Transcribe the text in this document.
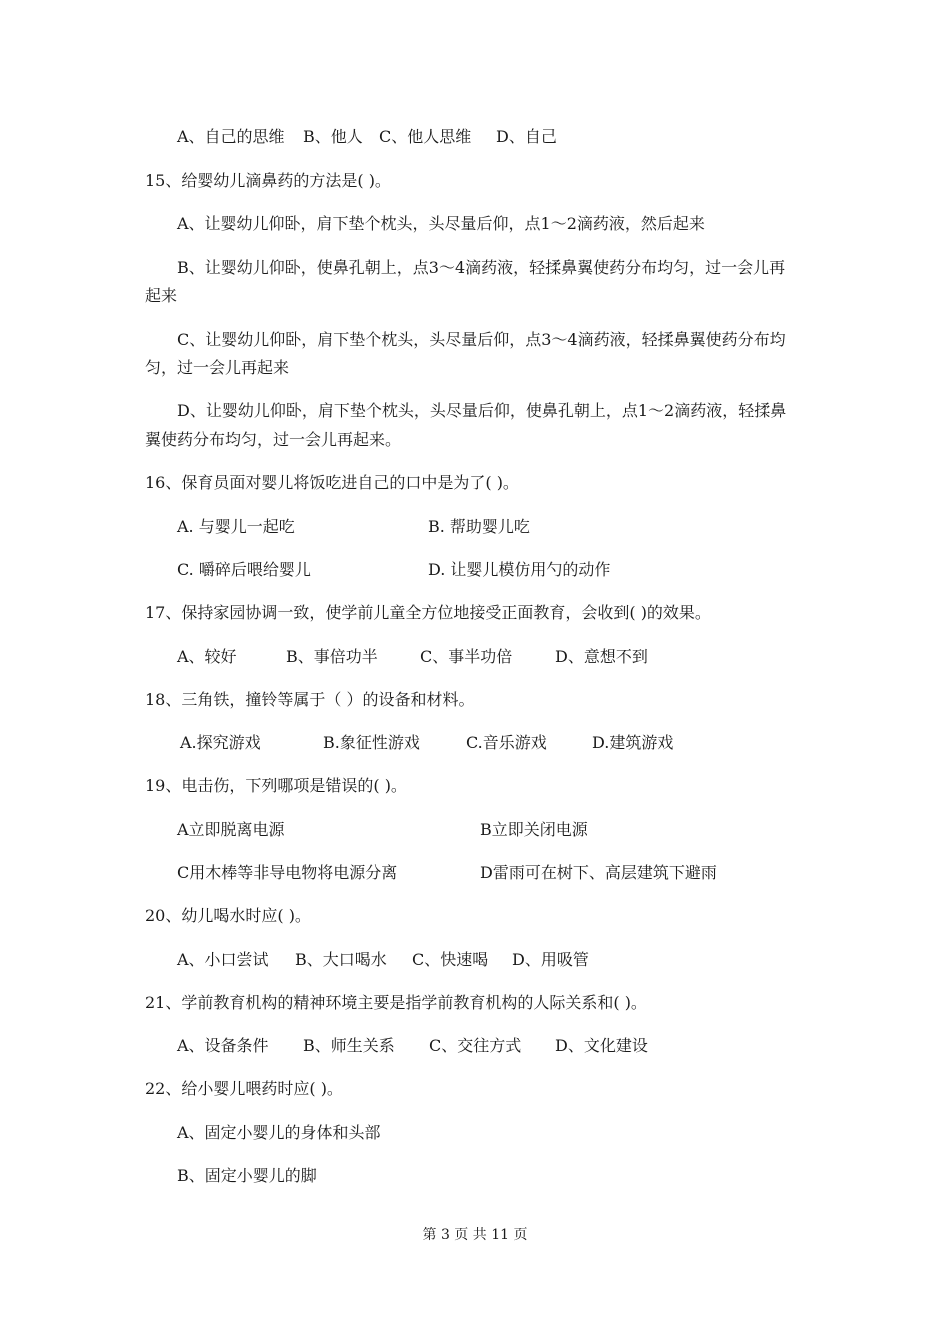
A、自己的思维 B、他人 C、他人思维 D、自己
15、给婴幼儿滴鼻药的方法是( )。
A、让婴幼儿仰卧，肩下垫个枕头，头尽量后仰，点1～2滴药液，然后起来
B、让婴幼儿仰卧，使鼻孔朝上，点3～4滴药液，轻揉鼻翼使药分布均匀，过一会儿再
起来
C、让婴幼儿仰卧，肩下垫个枕头，头尽量后仰，点3～4滴药液，轻揉鼻翼使药分布均
匀，过一会儿再起来
D、让婴幼儿仰卧，肩下垫个枕头，头尽量后仰，使鼻孔朝上，点1～2滴药液，轻揉鼻
翼使药分布均匀，过一会儿再起来。
16、保育员面对婴儿将饭吃进自己的口中是为了( )。
A. 与婴儿一起吃	B. 帮助婴儿吃
C. 嚼碎后喂给婴儿	D. 让婴儿模仿用勺的动作
17、保持家园协调一致，使学前儿童全方位地接受正面教育，会收到( )的效果。
A、较好	B、事倍功半	C、事半功倍	D、意想不到
18、三角铁，撞铃等属于（ ）的设备和材料。
A.探究游戏	B.象征性游戏	C.音乐游戏	D.建筑游戏
19、电击伤，下列哪项是错误的( )。
A立即脱离电源	B立即关闭电源
C用木棒等非导电物将电源分离	D雷雨可在树下、高层建筑下避雨
20、幼儿喝水时应( )。
A、小口尝试 B、大口喝水 C、快速喝 D、用吸管
21、学前教育机构的精神环境主要是指学前教育机构的人际关系和( )。
A、设备条件 B、师生关系 C、交往方式 D、文化建设
22、给小婴儿喂药时应( )。
A、固定小婴儿的身体和头部
B、固定小婴儿的脚
第 3 页 共 11 页
